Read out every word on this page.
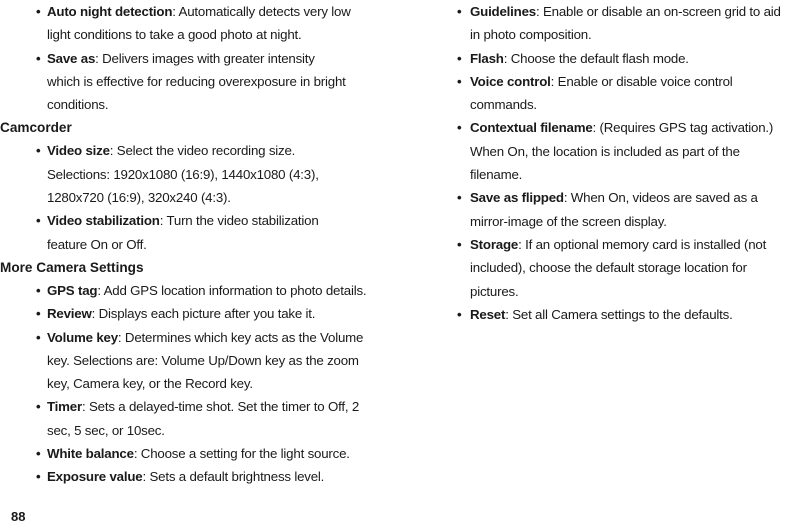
• Auto night detection: Automatically detects very low light conditions to take a good photo at night.
• Save as: Delivers images with greater intensity which is effective for reducing overexposure in bright conditions.
Camcorder
• Video size: Select the video recording size. Selections: 1920x1080 (16:9), 1440x1080 (4:3), 1280x720 (16:9), 320x240 (4:3).
• Video stabilization: Turn the video stabilization feature On or Off.
More Camera Settings
• GPS tag: Add GPS location information to photo details.
• Review: Displays each picture after you take it.
• Volume key: Determines which key acts as the Volume key. Selections are: Volume Up/Down key as the zoom key, Camera key, or the Record key.
• Timer: Sets a delayed-time shot. Set the timer to Off, 2 sec, 5 sec, or 10sec.
• White balance: Choose a setting for the light source.
• Exposure value: Sets a default brightness level.
• Guidelines: Enable or disable an on-screen grid to aid in photo composition.
• Flash: Choose the default flash mode.
• Voice control: Enable or disable voice control commands.
• Contextual filename: (Requires GPS tag activation.) When On, the location is included as part of the filename.
• Save as flipped: When On, videos are saved as a mirror-image of the screen display.
• Storage: If an optional memory card is installed (not included), choose the default storage location for pictures.
• Reset: Set all Camera settings to the defaults.
88
